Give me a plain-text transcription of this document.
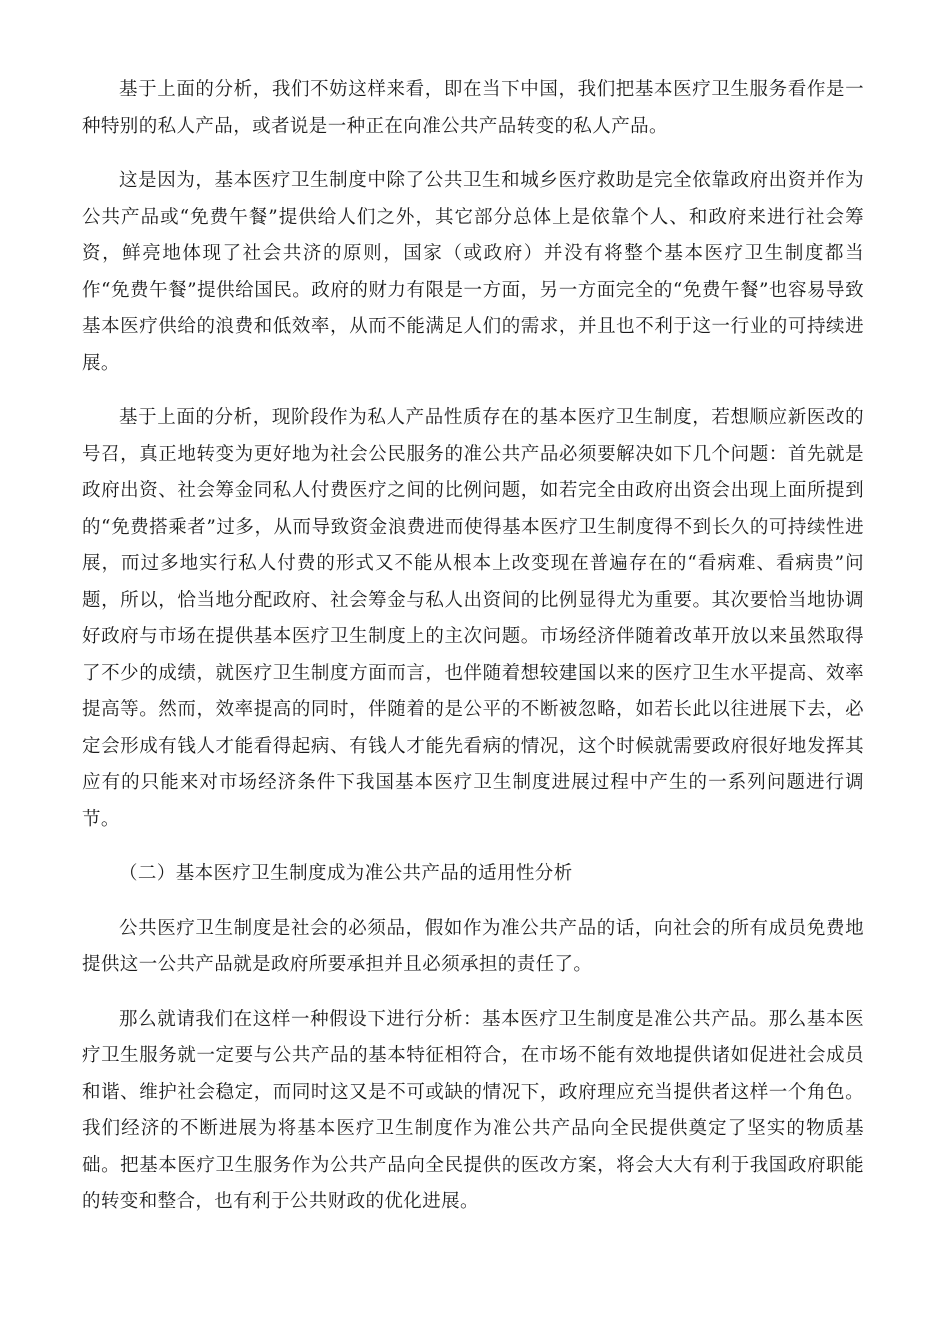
基于上面的分析，我们不妨这样来看，即在当下中国，我们把基本医疗卫生服务看作是一种特别的私人产品，或者说是一种正在向准公共产品转变的私人产品。

这是因为，基本医疗卫生制度中除了公共卫生和城乡医疗救助是完全依靠政府出资并作为公共产品或“免费午餐”提供给人们之外，其它部分总体上是依靠个人、和政府来进行社会筹资，鲜亮地体现了社会共济的原则，国家（或政府）并没有将整个基本医疗卫生制度都当作“免费午餐”提供给国民。政府的财力有限是一方面，另一方面完全的“免费午餐”也容易导致基本医疗供给的浪费和低效率，从而不能满足人们的需求，并且也不利于这一行业的可持续进展。

基于上面的分析，现阶段作为私人产品性质存在的基本医疗卫生制度，若想顺应新医改的号召，真正地转变为更好地为社会公民服务的准公共产品必须要解决如下几个问题：首先就是政府出资、社会筹金同私人付费医疗之间的比例问题，如若完全由政府出资会出现上面所提到的“免费搭乘者”过多，从而导致资金浪费进而使得基本医疗卫生制度得不到长久的可持续性进展，而过多地实行私人付费的形式又不能从根本上改变现在普遍存在的“看病难、看病贵”问题，所以，恰当地分配政府、社会筹金与私人出资间的比例显得尤为重要。其次要恰当地协调好政府与市场在提供基本医疗卫生制度上的主次问题。市场经济伴随着改革开放以来虽然取得了不少的成绩，就医疗卫生制度方面而言，也伴随着想较建国以来的医疗卫生水平提高、效率提高等。然而，效率提高的同时，伴随着的是公平的不断被忽略，如若长此以往进展下去，必定会形成有钱人才能看得起病、有钱人才能先看病的情况，这个时候就需要政府很好地发挥其应有的只能来对市场经济条件下我国基本医疗卫生制度进展过程中产生的一系列问题进行调节。

（二）基本医疗卫生制度成为准公共产品的适用性分析

公共医疗卫生制度是社会的必须品，假如作为准公共产品的话，向社会的所有成员免费地提供这一公共产品就是政府所要承担并且必须承担的责任了。

那么就请我们在这样一种假设下进行分析：基本医疗卫生制度是准公共产品。那么基本医疗卫生服务就一定要与公共产品的基本特征相符合，在市场不能有效地提供诸如促进社会成员和谐、维护社会稳定，而同时这又是不可或缺的情况下，政府理应充当提供者这样一个角色。我们经济的不断进展为将基本医疗卫生制度作为准公共产品向全民提供奠定了坚实的物质基础。把基本医疗卫生服务作为公共产品向全民提供的医改方案，将会大大有利于我国政府职能的转变和整合，也有利于公共财政的优化进展。
